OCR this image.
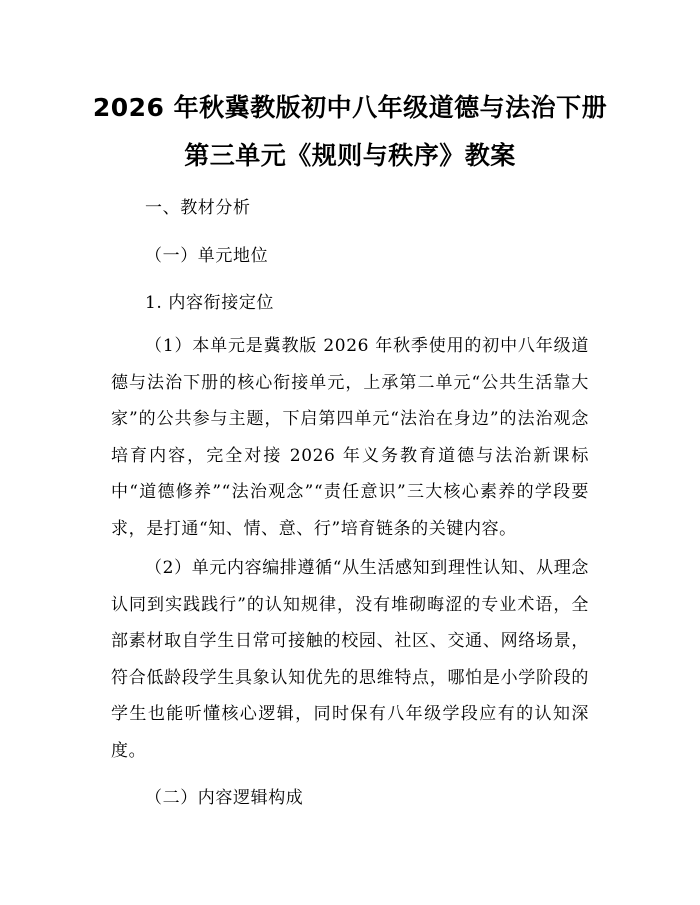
2026 年秋冀教版初中八年级道德与法治下册
第三单元《规则与秩序》教案
一、教材分析
（一）单元地位
1. 内容衔接定位

（1）本单元是冀教版 2026 年秋季使用的初中八年级道德与法治下册的核心衔接单元，上承第二单元“公共生活靠大家”的公共参与主题，下启第四单元“法治在身边”的法治观念培育内容，完全对接 2026 年义务教育道德与法治新课标中“道德修养”“法治观念”“责任意识”三大核心素养的学段要求，是打通“知、情、意、行”培育链条的关键内容。

（2）单元内容编排遵循“从生活感知到理性认知、从理念认同到实践践行”的认知规律，没有堆砌晦涩的专业术语，全部素材取自学生日常可接触的校园、社区、交通、网络场景，符合低龄段学生具象认知优先的思维特点，哪怕是小学阶段的学生也能听懂核心逻辑，同时保有八年级学段应有的认知深度。

（二）内容逻辑构成
